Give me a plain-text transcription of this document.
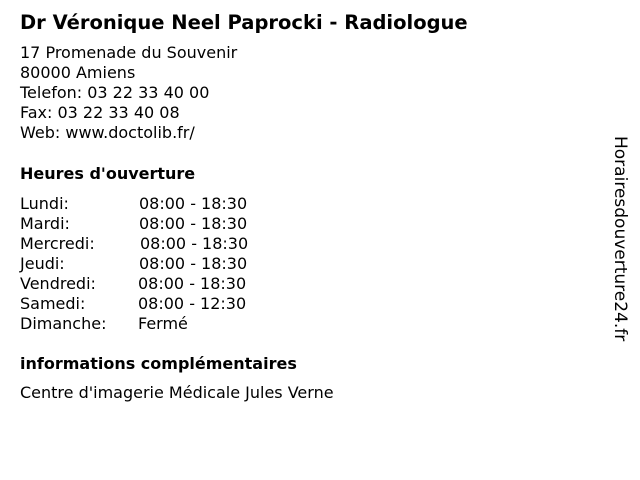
Dr Véronique Neel Paprocki - Radiologue
17 Promenade du Souvenir
80000 Amiens
Telefon: 03 22 33 40 00
Fax: 03 22 33 40 08
Web: www.doctolib.fr/
Heures d'ouverture
Lundi:	08:00 - 18:30
Mardi:	08:00 - 18:30
Mercredi:	08:00 - 18:30
Jeudi:	08:00 - 18:30
Vendredi:	08:00 - 18:30
Samedi:	08:00 - 12:30
Dimanche: Fermé
informations complémentaires
Centre d'imagerie Médicale Jules Verne
Horairesdouverture24.fr
